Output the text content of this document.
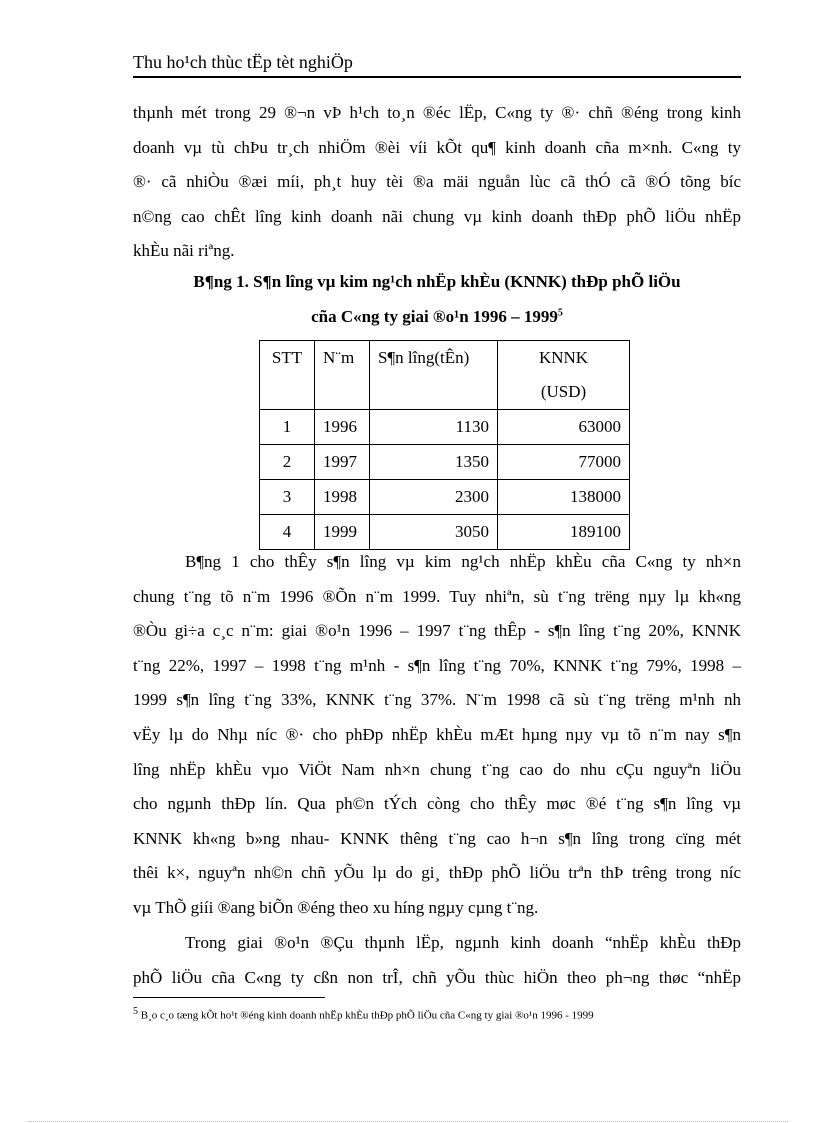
Thu ho¹ch thùc tËp tèt nghiÖp
thµnh mét trong 29 ®¬n vÞ h¹ch to¸n ®éc lËp, C«ng ty ®· chñ ®éng trong kinh
doanh vµ tù chÞu tr¸ch nhiÖm ®èi víi kÕt qu¶ kinh doanh cña m×nh. C«ng ty
®· cã nhiÒu ®æi míi, ph¸t huy tèi ®a mäi nguån lùc cã thÓ cã ®Ó tõng bíc
n©ng cao chÊt lîng kinh doanh nãi chung vµ kinh doanh thÐp phÕ liÖu nhËp
khÈu nãi riªng.
B¶ng 1. S¶n lîng vµ kim ng¹ch nhËp khÈu (KNNK) thÐp phÕ liÖu
cña C«ng ty giai ®o¹n 1996 – 1999$^5$
STT	N¨m	S¶n lîng(tÊn)	KNNK
(USD)
1	1996	1130	63000
2	1997	1350	77000
3	1998	2300	138000
4	1999	3050	189100
B¶ng 1 cho thÊy s¶n lîng vµ kim ng¹ch nhËp khÈu cña C«ng ty nh×n
chung t¨ng tõ n¨m 1996 ®Õn n¨m 1999. Tuy nhiªn, sù t¨ng trëng nµy lµ kh«ng
®Òu gi÷a c¸c n¨m: giai ®o¹n 1996 – 1997 t¨ng thÊp - s¶n lîng t¨ng 20%, KNNK
t¨ng 22%, 1997 – 1998 t¨ng m¹nh - s¶n lîng t¨ng 70%, KNNK t¨ng 79%, 1998 –
1999 s¶n lîng t¨ng 33%, KNNK t¨ng 37%. N¨m 1998 cã sù t¨ng trëng m¹nh nh
vËy lµ do Nhµ níc ®· cho phÐp nhËp khÈu mÆt hµng nµy vµ tõ n¨m nay s¶n
lîng nhËp khÈu vµo ViÖt Nam nh×n chung t¨ng cao do nhu cÇu nguyªn liÖu
cho ngµnh thÐp lín. Qua ph©n tÝch còng cho thÊy møc ®é t¨ng s¶n lîng vµ
KNNK kh«ng b»ng nhau- KNNK thêng t¨ng cao h¬n s¶n lîng trong cïng mét
thêi k×, nguyªn nh©n chñ yÕu lµ do gi¸ thÐp phÕ liÖu trªn thÞ trêng trong níc
vµ ThÕ giíi ®ang biÕn ®éng theo xu híng ngµy cµng t¨ng.
Trong giai ®o¹n ®Çu thµnh lËp, ngµnh kinh doanh “nhËp khÈu thÐp
phÕ liÖu cña C«ng ty cßn non trÎ, chñ yÕu thùc hiÖn theo ph¬ng thøc “nhËp
$^5$ B¸o c¸o tæng kÕt ho¹t ®éng kinh doanh nhËp khÈu thÐp phÕ liÖu cña C«ng ty giai ®o¹n 1996 - 1999
